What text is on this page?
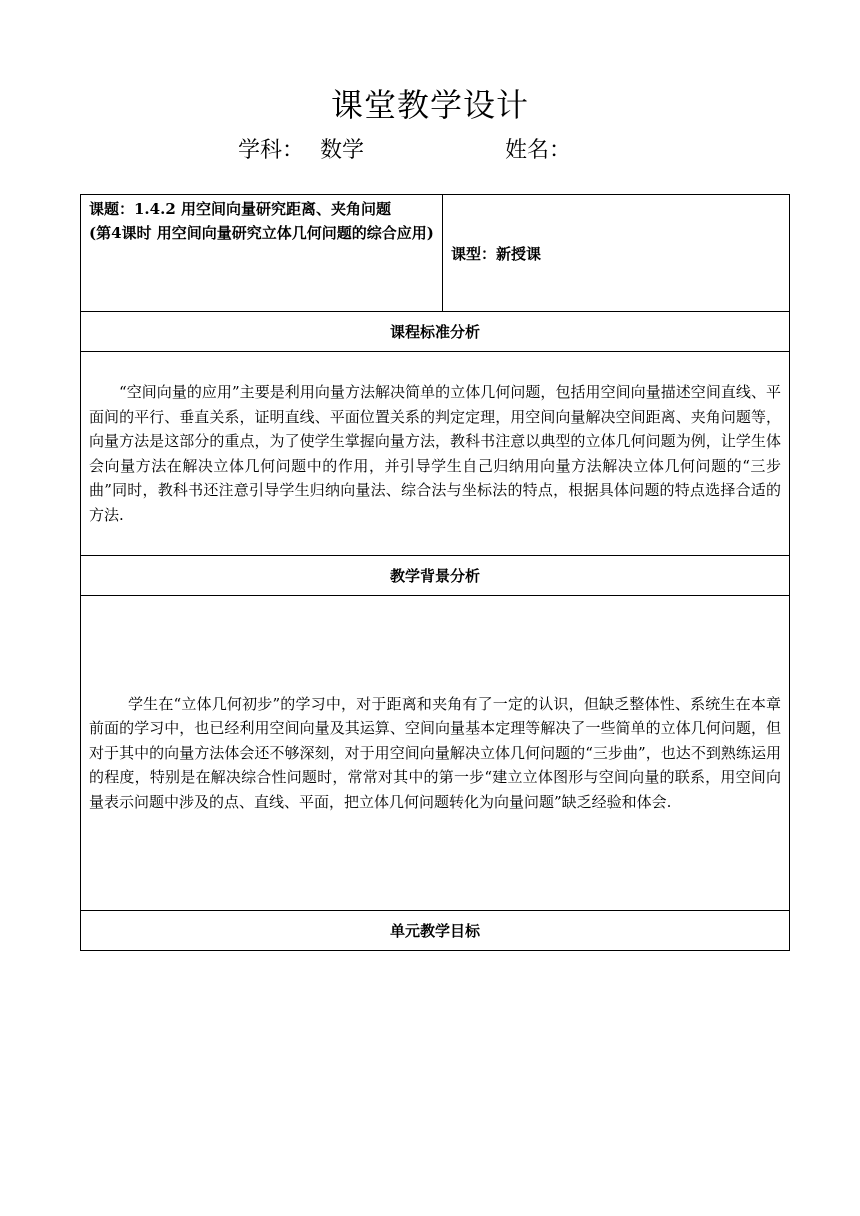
课堂教学设计
学科： 数学	姓名：
课题：1.4.2 用空间向量研究距离、夹角问题
(第4课时 用空间向量研究立体几何问题的综合应用)
	课型：新授课
课程标准分析

“空间向量的应用”主要是利用向量方法解决简单的立体几何问题，包括用空间向量描述空间直线、平面间的平行、垂直关系，证明直线、平面位置关系的判定定理，用空间向量解决空间距离、夹角问题等，向量方法是这部分的重点，为了使学生掌握向量方法，教科书注意以典型的立体几何问题为例，让学生体会向量方法在解决立体几何问题中的作用，并引导学生自己归纳用向量方法解决立体几何问题的“三步曲”同时，教科书还注意引导学生归纳向量法、综合法与坐标法的特点，根据具体问题的特点选择合适的方法.

教学背景分析

学生在“立体几何初步”的学习中，对于距离和夹角有了一定的认识，但缺乏整体性、系统生在本章前面的学习中，也已经利用空间向量及其运算、空间向量基本定理等解决了一些简单的立体几何问题，但对于其中的向量方法体会还不够深刻，对于用空间向量解决立体几何问题的“三步曲”，也达不到熟练运用的程度，特别是在解决综合性问题时，常常对其中的第一步“建立立体图形与空间向量的联系，用空间向量表示问题中涉及的点、直线、平面，把立体几何问题转化为向量问题”缺乏经验和体会.

单元教学目标
